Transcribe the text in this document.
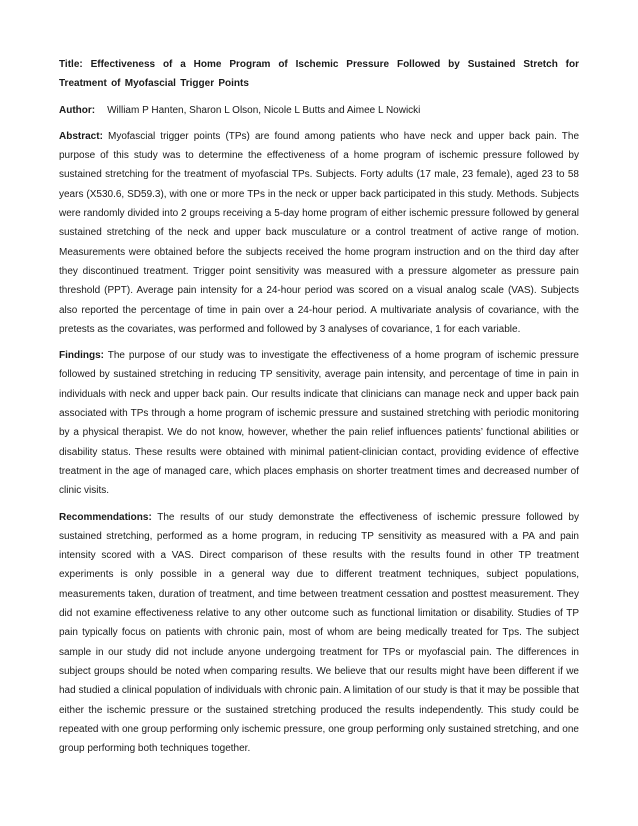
Title: Effectiveness of a Home Program of Ischemic Pressure Followed by Sustained Stretch for Treatment of Myofascial Trigger Points

Author: William P Hanten, Sharon L Olson, Nicole L Butts and Aimee L Nowicki

Abstract: Myofascial trigger points (TPs) are found among patients who have neck and upper back pain. The purpose of this study was to determine the effectiveness of a home program of ischemic pressure followed by sustained stretching for the treatment of myofascial TPs. Subjects. Forty adults (17 male, 23 female), aged 23 to 58 years (X530.6, SD59.3), with one or more TPs in the neck or upper back participated in this study. Methods. Subjects were randomly divided into 2 groups receiving a 5-day home program of either ischemic pressure followed by general sustained stretching of the neck and upper back musculature or a control treatment of active range of motion. Measurements were obtained before the subjects received the home program instruction and on the third day after they discontinued treatment. Trigger point sensitivity was measured with a pressure algometer as pressure pain threshold (PPT). Average pain intensity for a 24-hour period was scored on a visual analog scale (VAS). Subjects also reported the percentage of time in pain over a 24-hour period. A multivariate analysis of covariance, with the pretests as the covariates, was performed and followed by 3 analyses of covariance, 1 for each variable.

Findings: The purpose of our study was to investigate the effectiveness of a home program of ischemic pressure followed by sustained stretching in reducing TP sensitivity, average pain intensity, and percentage of time in pain in individuals with neck and upper back pain. Our results indicate that clinicians can manage neck and upper back pain associated with TPs through a home program of ischemic pressure and sustained stretching with periodic monitoring by a physical therapist. We do not know, however, whether the pain relief influences patients’ functional abilities or disability status. These results were obtained with minimal patient-clinician contact, providing evidence of effective treatment in the age of managed care, which places emphasis on shorter treatment times and decreased number of clinic visits.

Recommendations: The results of our study demonstrate the effectiveness of ischemic pressure followed by sustained stretching, performed as a home program, in reducing TP sensitivity as measured with a PA and pain intensity scored with a VAS. Direct comparison of these results with the results found in other TP treatment experiments is only possible in a general way due to different treatment techniques, subject populations, measurements taken, duration of treatment, and time between treatment cessation and posttest measurement. They did not examine effectiveness relative to any other outcome such as functional limitation or disability. Studies of TP pain typically focus on patients with chronic pain, most of whom are being medically treated for Tps. The subject sample in our study did not include anyone undergoing treatment for TPs or myofascial pain. The differences in subject groups should be noted when comparing results. We believe that our results might have been different if we had studied a clinical population of individuals with chronic pain. A limitation of our study is that it may be possible that either the ischemic pressure or the sustained stretching produced the results independently. This study could be repeated with one group performing only ischemic pressure, one group performing only sustained stretching, and one group performing both techniques together.
